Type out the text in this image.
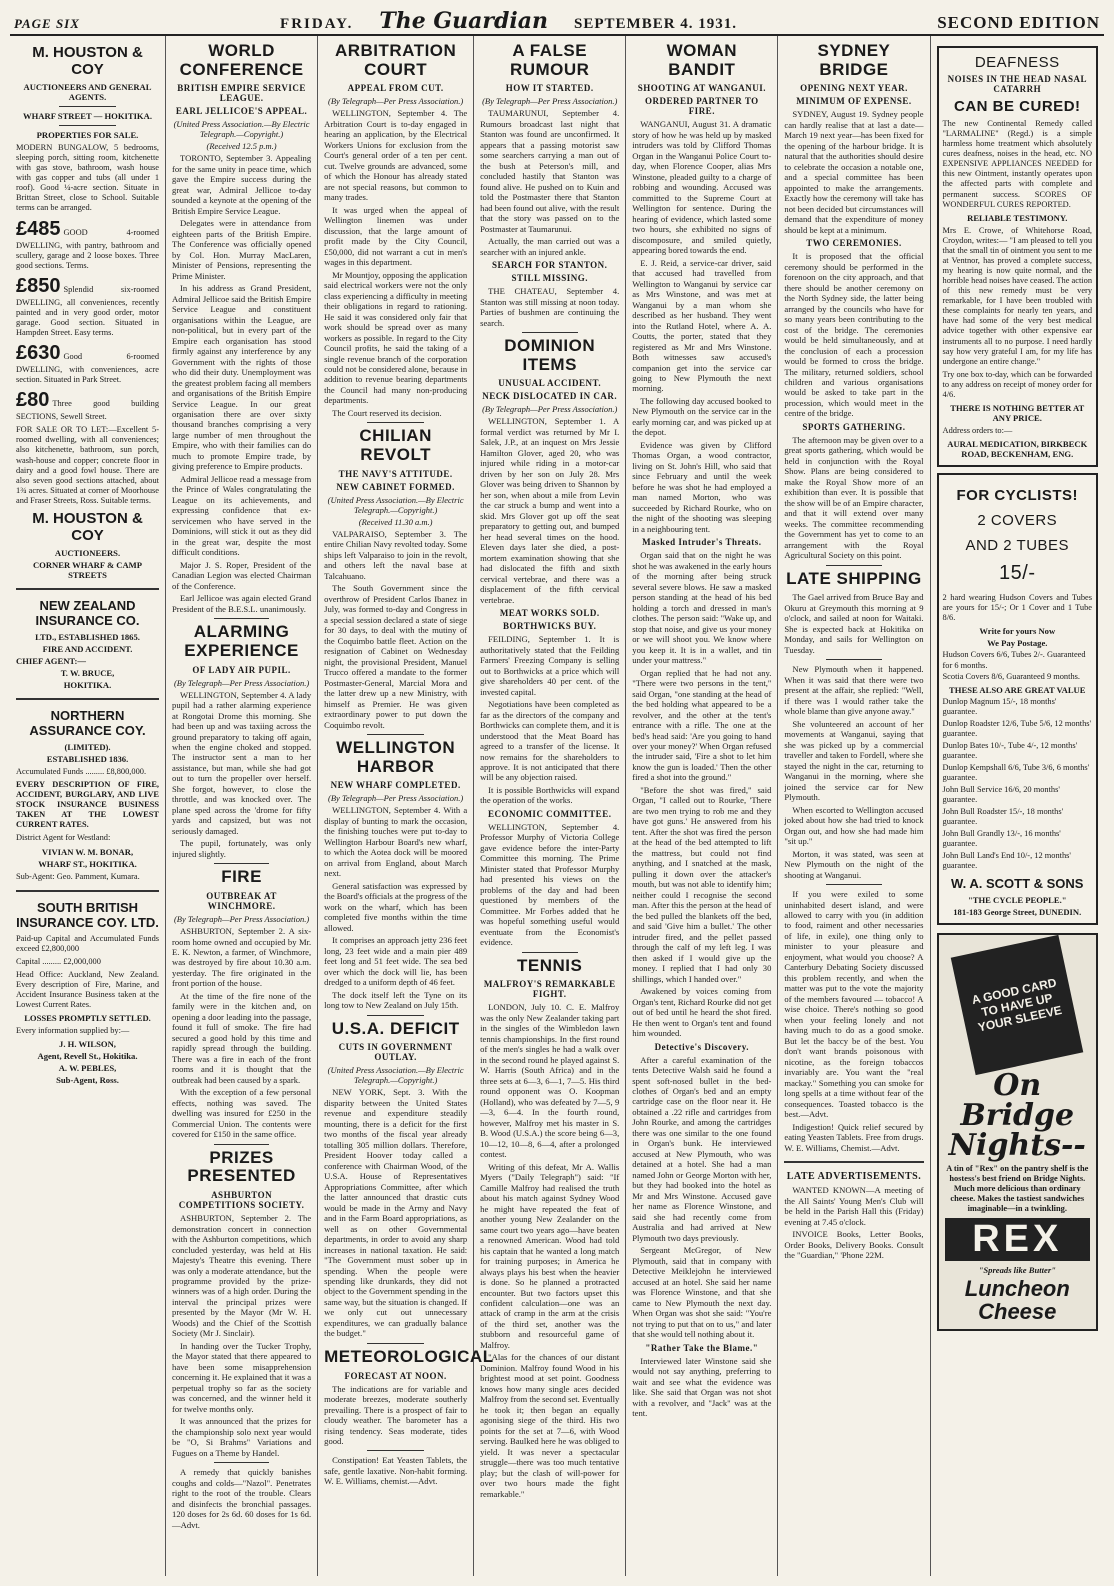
PAGE SIX	FRIDAY. The Guardian SEPTEMBER 4. 1931.	SECOND EDITION
M. HOUSTON & COY
AUCTIONEERS AND GENERAL AGENTS.
WHARF STREET — HOKITIKA.
PROPERTIES FOR SALE.
MODERN BUNGALOW, 5 bedrooms, sleeping porch, sitting room, kitchenette with gas stove, bathroom, wash house with gas copper and tubs (all under 1 roof). Good ¼-acre section. Situate in Brittan Street, close to School. Suitable terms can be arranged.
£485 GOOD 4-roomed DWELLING, with pantry, bathroom and scullery, garage and 2 loose boxes. Three good sections. Terms.
£850 Splendid six-roomed DWELLING, all conveniences, recently painted and in very good order, motor garage. Good section. Situated in Hampden Street. Easy terms.
£630 Good 6-roomed DWELLING, with conveniences, acre section. Situated in Park Street.
£80 Three good building SECTIONS, Sewell Street.
FOR SALE OR TO LET:—Excellent 5-roomed dwelling, with all conveniences; also kitchenette, bathroom, sun porch, wash-house and copper; concrete floor in dairy and a good fowl house. There are also seven good sections attached, about 1¾ acres. Situated at corner of Moorhouse and Fraser Streets, Ross. Suitable terms.
M. HOUSTON & COY
AUCTIONEERS.
CORNER WHARF & CAMP STREETS
NEW ZEALAND INSURANCE CO.
LTD., ESTABLISHED 1865.
FIRE AND ACCIDENT.
CHIEF AGENT:—
T. W. BRUCE,
HOKITIKA.
NORTHERN ASSURANCE COY.
(LIMITED).
ESTABLISHED 1836.
Accumulated Funds ......... £8,800,000.
EVERY DESCRIPTION OF FIRE, ACCIDENT, BURGLARY, AND LIVE STOCK INSURANCE BUSINESS TAKEN AT THE LOWEST CURRENT RATES.
District Agent for Westland:
VIVIAN W. M. BONAR,
WHARF ST., HOKITIKA.
Sub-Agent: Geo. Pamment, Kumara.
SOUTH BRITISH INSURANCE COY. LTD.
Paid-up Capital and Accumulated Funds exceed £2,800,000
Capital ......... £2,000,000
Head Office: Auckland, New Zealand. Every description of Fire, Marine, and Accident Insurance Business taken at the Lowest Current Rates.
LOSSES PROMPTLY SETTLED.
Every information supplied by:—
J. H. WILSON,
Agent, Revell St., Hokitika.
A. W. PEBLES,
Sub-Agent, Ross.
WORLD CONFERENCE
BRITISH EMPIRE SERVICE LEAGUE.
EARL JELLICOE'S APPEAL.
(United Press Association.—By Electric Telegraph.—Copyright.)
(Received 12.5 p.m.)

TORONTO, September 3. Appealing for the same unity in peace time, which gave the Empire success during the great war, Admiral Jellicoe to-day sounded a keynote at the opening of the British Empire Service League.

Delegates were in attendance from eighteen parts of the British Empire. The Conference was officially opened by Col. Hon. Murray MacLaren, Minister of Pensions, representing the Prime Minister.

In his address as Grand President, Admiral Jellicoe said the British Empire Service League and constituent organisations within the League, are non-political, but in every part of the Empire each organisation has stood firmly against any interference by any Government with the rights of those who did their duty. Unemployment was the greatest problem facing all members and organisations of the British Empire Service League. In our great organisation there are over sixty thousand branches comprising a very large number of men throughout the Empire, who with their families can do much to promote Empire trade, by giving preference to Empire products.

Admiral Jellicoe read a message from the Prince of Wales congratulating the League on its achievements, and expressing confidence that ex-servicemen who have served in the Dominions, will stick it out as they did in the great war, despite the most difficult conditions.

Major J. S. Roper, President of the Canadian Legion was elected Chairman of the Conference.

Earl Jellicoe was again elected Grand President of the B.E.S.L. unanimously.

ALARMING EXPERIENCE
OF LADY AIR PUPIL.
(By Telegraph—Per Press Association.)

WELLINGTON, September 4. A lady pupil had a rather alarming experience at Rongotai Drome this morning. She had been up and was taxiing across the ground preparatory to taking off again, when the engine choked and stopped. The instructor sent a man to her assistance, but man, while she had got out to turn the propeller over herself. She forgot, however, to close the throttle, and was knocked over. The plane sped across the 'drome for fifty yards and capsized, but was not seriously damaged.

The pupil, fortunately, was only injured slightly.

FIRE
OUTBREAK AT WINCHMORE.
(By Telegraph—Per Press Association.)

ASHBURTON, September 2. A six-room home owned and occupied by Mr. E. K. Newton, a farmer, of Winchmore, was destroyed by fire about 10.30 a.m. yesterday. The fire originated in the front portion of the house.

At the time of the fire none of the family were in the kitchen and, on opening a door leading into the passage, found it full of smoke. The fire had secured a good hold by this time and rapidly spread through the building. There was a fire in each of the front rooms and it is thought that the outbreak had been caused by a spark.

With the exception of a few personal effects, nothing was saved. The dwelling was insured for £250 in the Commercial Union. The contents were covered for £150 in the same office.

PRIZES PRESENTED
ASHBURTON COMPETITIONS SOCIETY.

ASHBURTON, September 2. The demonstration concert in connection with the Ashburton competitions, which concluded yesterday, was held at His Majesty's Theatre this evening. There was only a moderate attendance, but the programme provided by the prize-winners was of a high order. During the interval the principal prizes were presented by the Mayor (Mr W. H. Woods) and the Chief of the Scottish Society (Mr J. Sinclair).

In handing over the Tucker Trophy, the Mayor stated that there appeared to have been some misapprehension concerning it. He explained that it was a perpetual trophy so far as the society was concerned, and the winner held it for twelve months only.

It was announced that the prizes for the championship solo next year would be "O, Si Brahms" Variations and Fugues on a Theme by Handel.

A remedy that quickly banishes coughs and colds—"Nazol". Penetrates right to the root of the trouble. Clears and disinfects the bronchial passages. 120 doses for 2s 6d. 60 doses for 1s 6d.—Advt.

ARBITRATION COURT
APPEAL FROM CUT.
(By Telegraph—Per Press Association.)

WELLINGTON, September 4. The Arbitration Court is to-day engaged in hearing an application, by the Electrical Workers Unions for exclusion from the Court's general order of a ten per cent. cut. Twelve grounds are advanced, some of which the Honour has already stated are not special reasons, but common to many trades.

It was urged when the appeal of Wellington linemen was under discussion, that the large amount of profit made by the City Council, £50,000, did not warrant a cut in men's wages in this department.

Mr Mountjoy, opposing the application said electrical workers were not the only class experiencing a difficulty in meeting their obligations in regard to rationing. He said it was considered only fair that work should be spread over as many workers as possible. In regard to the City Council profits, he said the taking of a single revenue branch of the corporation could not be considered alone, because in addition to revenue bearing departments the Council had many non-producing departments.

The Court reserved its decision.

CHILIAN REVOLT
THE NAVY'S ATTITUDE.
NEW CABINET FORMED.
(United Press Association.—By Electric Telegraph.—Copyright.)
(Received 11.30 a.m.)

VALPARAISO, September 3. The entire Chilian Navy revolted today. Some ships left Valparaiso to join in the revolt, and others left the naval base at Talcahuano.

The South Government since the overthrow of President Carlos Ibanez in July, was formed to-day and Congress in a special session declared a state of siege for 30 days, to deal with the mutiny of the Coquimbo battle fleet. Action on the resignation of Cabinet on Wednesday night, the provisional President, Manuel Trucco offered a mandate to the former Postmaster-General, Marcial Mora and the latter drew up a new Ministry, with himself as Premier. He was given extraordinary power to put down the Coquimbo revolt.

WELLINGTON HARBOR
NEW WHARF COMPLETED.
(By Telegraph—Per Press Association.)

WELLINGTON, September 4. With a display of bunting to mark the occasion, the finishing touches were put to-day to Wellington Harbour Board's new wharf, to which the Aotea dock will be moored on arrival from England, about March next.

General satisfaction was expressed by the Board's officials at the progress of the work on the wharf, which has been completed five months within the time allowed.

It comprises an approach jetty 236 feet long, 23 feet wide and a main pier 489 feet long and 51 feet wide. The sea bed over which the dock will lie, has been dredged to a uniform depth of 46 feet.

The dock itself left the Tyne on its long tow to New Zealand on July 15th.

U.S.A. DEFICIT
CUTS IN GOVERNMENT OUTLAY.
(United Press Association.—By Electric Telegraph.—Copyright.)

NEW YORK, Sept. 3. With the disparity between the United States revenue and expenditure steadily mounting, there is a deficit for the first two months of the fiscal year already totalling 305 million dollars. Therefore, President Hoover today called a conference with Chairman Wood, of the U.S.A. House of Representatives Appropriations Committee, after which the latter announced that drastic cuts would be made in the Army and Navy and in the Farm Board appropriations, as well as on other Governmental departments, in order to avoid any sharp increases in national taxation. He said: "The Government must sober up in spending. When the people were spending like drunkards, they did not object to the Government spending in the same way, but the situation is changed. If we only cut out unnecessary expenditures, we can gradually balance the budget."

METEOROLOGICAL
FORECAST AT NOON.

The indications are for variable and moderate breezes, moderate southerly prevailing. There is a prospect of fair to cloudy weather. The barometer has a rising tendency. Seas moderate, tides good.

Constipation! Eat Yeasten Tablets, the safe, gentle laxative. Non-habit forming. W. E. Williams, chemist.—Advt.

A FALSE RUMOUR
HOW IT STARTED.
(By Telegraph—Per Press Association.)

TAUMARUNUI, September 4. Rumours broadcast last night that Stanton was found are unconfirmed. It appears that a passing motorist saw some searchers carrying a man out of the bush at Peterson's mill, and concluded hastily that Stanton was found alive. He pushed on to Kuin and told the Postmaster there that Stanton had been found out alive, with the result that the story was passed on to the Postmaster at Taumarunui.

Actually, the man carried out was a searcher with an injured ankle.

SEARCH FOR STANTON.
STILL MISSING.

THE CHATEAU, September 4. Stanton was still missing at noon today. Parties of bushmen are continuing the search.

DOMINION ITEMS
UNUSUAL ACCIDENT.
NECK DISLOCATED IN CAR.
(By Telegraph—Per Press Association.)

WELLINGTON, September 1. A formal verdict was returned by Mr I. Salek, J.P., at an inquest on Mrs Jessie Hamilton Glover, aged 20, who was injured while riding in a motor-car driven by her son on July 28. Mrs Glover was being driven to Shannon by her son, when about a mile from Levin the car struck a bump and went into a skid. Mrs Glover got up off the seat preparatory to getting out, and bumped her head several times on the hood. Eleven days later she died, a post-mortem examination showing that she had dislocated the fifth and sixth cervical vertebrae, and there was a displacement of the fifth cervical vertebrae.

MEAT WORKS SOLD.
BORTHWICKS BUY.

FEILDING, September 1. It is authoritatively stated that the Feilding Farmers' Freezing Company is selling out to Borthwicks at a price which will give shareholders 40 per cent. of the invested capital.

Negotiations have been completed as far as the directors of the company and Borthwicks can complete them, and it is understood that the Meat Board has agreed to a transfer of the license. It now remains for the shareholders to approve. It is not anticipated that there will be any objection raised.

It is possible Borthwicks will expand the operation of the works.

ECONOMIC COMMITTEE.

WELLINGTON, September 4. Professor Murphy of Victoria College gave evidence before the inter-Party Committee this morning. The Prime Minister stated that Professor Murphy had presented his views on the problems of the day and had been questioned by members of the Committee. Mr Forbes added that he was hopeful something useful would eventuate from the Economist's evidence.

TENNIS
MALFROY'S REMARKABLE FIGHT.

LONDON, July 10. C. E. Malfroy was the only New Zealander taking part in the singles of the Wimbledon lawn tennis championships. In the first round of the men's singles he had a walk over in the second round he played against S. W. Harris (South Africa) and in the three sets at 6—3, 6—1, 7—5. His third round opponent was O. Koopman (Holland), who was defeated by 7—5, 9—3, 6—4. In the fourth round, however, Malfroy met his master in S. B. Wood (U.S.A.) the score being 6—3, 10—12, 10—8, 6—4, after a prolonged contest.

Writing of this defeat, Mr A. Wallis Myers ("Daily Telegraph") said: "If Camille Malfroy had realised the truth about his match against Sydney Wood he might have repeated the feat of another young New Zealander on the same court two years ago—have beaten a renowned American. Wood had told his captain that he wanted a long match for training purposes; in America he always plays his best when the heavier is done. So he planned a protracted encounter. But two factors upset this confident calculation—one was an attack of cramp in the arm at the crisis of the third set, another was the stubborn and resourceful game of Malfroy.

"Alas for the chances of our distant Dominion. Malfroy found Wood in his brightest mood at set point. Goodness knows how many single aces decided Malfroy from the second set. Eventually he took it; then began an equally agonising siege of the third. His two points for the set at 7—6, with Wood serving. Baulked here he was obliged to yield. It was never a spectacular struggle—there was too much tentative play; but the clash of will-power for over two hours made the fight remarkable."

WOMAN BANDIT
SHOOTING AT WANGANUI.
ORDERED PARTNER TO FIRE.

WANGANUI, August 31. A dramatic story of how he was held up by masked intruders was told by Clifford Thomas Organ in the Wanganui Police Court to-day, when Florence Cooper, alias Mrs Winstone, pleaded guilty to a charge of robbing and wounding. Accused was committed to the Supreme Court at Wellington for sentence. During the hearing of evidence, which lasted some two hours, she exhibited no signs of discomposure, and smiled quietly, appearing bored towards the end.

E. J. Reid, a service-car driver, said that accused had travelled from Wellington to Wanganui by service car as Mrs Winstone, and was met at Wanganui by a man whom she described as her husband. They went into the Rutland Hotel, where A. A. Coutts, the porter, stated that they registered as Mr and Mrs Winstone. Both witnesses saw accused's companion get into the service car going to New Plymouth the next morning.

The following day accused booked to New Plymouth on the service car in the early morning car, and was picked up at the depot.

Evidence was given by Clifford Thomas Organ, a wood contractor, living on St. John's Hill, who said that since February and until the week before he was shot he had employed a man named Morton, who was succeeded by Richard Rourke, who on the night of the shooting was sleeping in a neighbouring tent.

Masked Intruder's Threats.

Organ said that on the night he was shot he was awakened in the early hours of the morning after being struck several severe blows. He saw a masked person standing at the head of his bed holding a torch and dressed in man's clothes. The person said: "Wake up, and stop that noise, and give us your money or we will shoot you. We know where you keep it. It is in a wallet, and tin under your mattress."

Organ replied that he had not any. "There were two persons in the tent," said Organ, "one standing at the head of the bed holding what appeared to be a revolver, and the other at the tent's entrance with a rifle. The one at the bed's head said: 'Are you going to hand over your money?' When Organ refused the intruder said, 'Fire a shot to let him know the gun is loaded.' Then the other fired a shot into the ground."

"Before the shot was fired," said Organ, "I called out to Rourke, 'There are two men trying to rob me and they have got guns.' He answered from his tent. After the shot was fired the person at the head of the bed attempted to lift the mattress, but could not find anything, and I snatched at the mask, pulling it down over the attacker's mouth, but was not able to identify him; neither could I recognise the second man. After this the person at the head of the bed pulled the blankets off the bed, and said 'Give him a bullet.' The other intruder fired, and the pellet passed through the calf of my left leg. I was then asked if I would give up the money. I replied that I had only 30 shillings, which I handed over."

Awakened by voices coming from Organ's tent, Richard Rourke did not get out of bed until he heard the shot fired. He then went to Organ's tent and found him wounded.

Detective's Discovery.

After a careful examination of the tents Detective Walsh said he found a spent soft-nosed bullet in the bed-clothes of Organ's bed and an empty cartridge case on the floor near it. He obtained a .22 rifle and cartridges from John Rourke, and among the cartridges there was one similar to the one found in Organ's bunk. He interviewed accused at New Plymouth, who was detained at a hotel. She had a man named John or George Morton with her, but they had booked into the hotel as Mr and Mrs Winstone. Accused gave her name as Florence Winstone, and said she had recently come from Australia and had arrived at New Plymouth two days previously.

Sergeant McGregor, of New Plymouth, said that in company with Detective Meiklejohn he interviewed accused at an hotel. She said her name was Florence Winstone, and that she came to New Plymouth the next day. When Organ was shot she said: "You're not trying to put that on to us," and later that she would tell nothing about it.

"Rather Take the Blame."

Interviewed later Winstone said she would not say anything, preferring to wait and see what the evidence was like. She said that Organ was not shot with a revolver, and "Jack" was at the tent.

SYDNEY BRIDGE
OPENING NEXT YEAR.
MINIMUM OF EXPENSE.

SYDNEY, August 19. Sydney people can hardly realise that at last a date—March 19 next year—has been fixed for the opening of the harbour bridge. It is natural that the authorities should desire to celebrate the occasion a notable one, and a special committee has been appointed to make the arrangements. Exactly how the ceremony will take has not been decided but circumstances will demand that the expenditure of money should be kept at a minimum.

TWO CEREMONIES.

It is proposed that the official ceremony should be performed in the forenoon on the city approach, and that there should be another ceremony on the North Sydney side, the latter being arranged by the councils who have for so many years been contributing to the cost of the bridge. The ceremonies would be held simultaneously, and at the conclusion of each a procession would be formed to cross the bridge. The military, returned soldiers, school children and various organisations would be asked to take part in the procession, which would meet in the centre of the bridge.

SPORTS GATHERING.

The afternoon may be given over to a great sports gathering, which would be held in conjunction with the Royal Show. Plans are being considered to make the Royal Show more of an exhibition than ever. It is possible that the show will be of an Empire character, and that it will extend over many weeks. The committee recommending the Government has yet to come to an arrangement with the Royal Agricultural Society on this point.

LATE SHIPPING

The Gael arrived from Bruce Bay and Okuru at Greymouth this morning at 9 o'clock, and sailed at noon for Waitaki. She is expected back at Hokitika on Monday, and sails for Wellington on Tuesday.

New Plymouth when it happened. When it was said that there were two present at the affair, she replied: "Well, if there was I would rather take the whole blame than give anyone away."

She volunteered an account of her movements at Wanganui, saying that she was picked up by a commercial traveller and taken to Fordell, where she stayed the night in the car, returning to Wanganui in the morning, where she joined the service car for New Plymouth.

When escorted to Wellington accused joked about how she had tried to knock Organ out, and how she had made him "sit up."

Morton, it was stated, was seen at New Plymouth on the night of the shooting at Wanganui.

If you were exiled to some uninhabited desert island, and were allowed to carry with you (in addition to food, raiment and other necessaries of life, in exile), one thing only to minister to your pleasure and enjoyment, what would you choose? A Canterbury Debating Society discussed this problem recently, and when the matter was put to the vote the majority of the members favoured — tobacco! A wise choice. There's nothing so good when your feeling lonely and not having much to do as a good smoke. But let the baccy be of the best. You don't want brands poisonous with nicotine, as the foreign tobaccos invariably are. You want the "real mackay." Something you can smoke for long spells at a time without fear of the consequences. Toasted tobacco is the best.—Advt.

Indigestion! Quick relief secured by eating Yeasten Tablets. Free from drugs. W. E. Williams, Chemist.—Advt.

LATE ADVERTISEMENTS.

WANTED KNOWN—A meeting of the All Saints' Young Men's Club will be held in the Parish Hall this (Friday) evening at 7.45 o'clock.

INVOICE Books, Letter Books, Order Books, Delivery Books. Consult the "Guardian," 'Phone 22M.

DEAFNESS
NOISES IN THE HEAD NASAL CATARRH
CAN BE CURED!
The new Continental Remedy called "LARMALINE" (Regd.) is a simple harmless home treatment which absolutely cures deafness, noises in the head, etc. NO EXPENSIVE APPLIANCES NEEDED for this new Ointment, instantly operates upon the affected parts with complete and permanent success. SCORES OF WONDERFUL CURES REPORTED.
RELIABLE TESTIMONY.
Mrs E. Crowe, of Whitehorse Road, Croydon, writes:— "I am pleased to tell you that the small tin of ointment you sent to me at Ventnor, has proved a complete success, my hearing is now quite normal, and the horrible head noises have ceased. The action of this new remedy must be very remarkable, for I have been troubled with these complaints for nearly ten years, and have had some of the very best medical advice together with other expensive ear instruments all to no purpose. I need hardly say how very grateful I am, for my life has undergone an entire change."
Try one box to-day, which can be forwarded to any address on receipt of money order for 4/6.
THERE IS NOTHING BETTER AT ANY PRICE.
Address orders to:—
AURAL MEDICATION, BIRKBECK ROAD, BECKENHAM, ENG.
FOR CYCLISTS!
2 COVERS
AND 2 TUBES
15/-
2 hard wearing Hudson Covers and Tubes are yours for 15/-; Or 1 Cover and 1 Tube 8/6.
Write for yours Now
We Pay Postage.
Hudson Covers 6/6, Tubes 2/-. Guaranteed for 6 months.
Scotia Covers 8/6, Guaranteed 9 months.
THESE ALSO ARE GREAT VALUE
Dunlop Magnum 15/-, 18 months' guarantee.
Dunlop Roadster 12/6, Tube 5/6, 12 months' guarantee.
Dunlop Bates 10/-, Tube 4/-, 12 months' guarantee.
Dunlop Kempshall 6/6, Tube 3/6, 6 months' guarantee.
John Bull Service 16/6, 20 months' guarantee.
John Bull Roadster 15/-, 18 months' guarantee.
John Bull Grandly 13/-, 16 months' guarantee.
John Bull Land's End 10/-, 12 months' guarantee.
W. A. SCOTT & SONS
"THE CYCLE PEOPLE."
181-183 George Street, DUNEDIN.
A GOOD CARD TO HAVE UP YOUR SLEEVE
On Bridge Nights--
A tin of "Rex" on the pantry shelf is the hostess's best friend on Bridge Nights. Much more delicious than ordinary cheese. Makes the tastiest sandwiches imaginable—in a twinkling.
REX
"Spreads like Butter"
Luncheon Cheese
